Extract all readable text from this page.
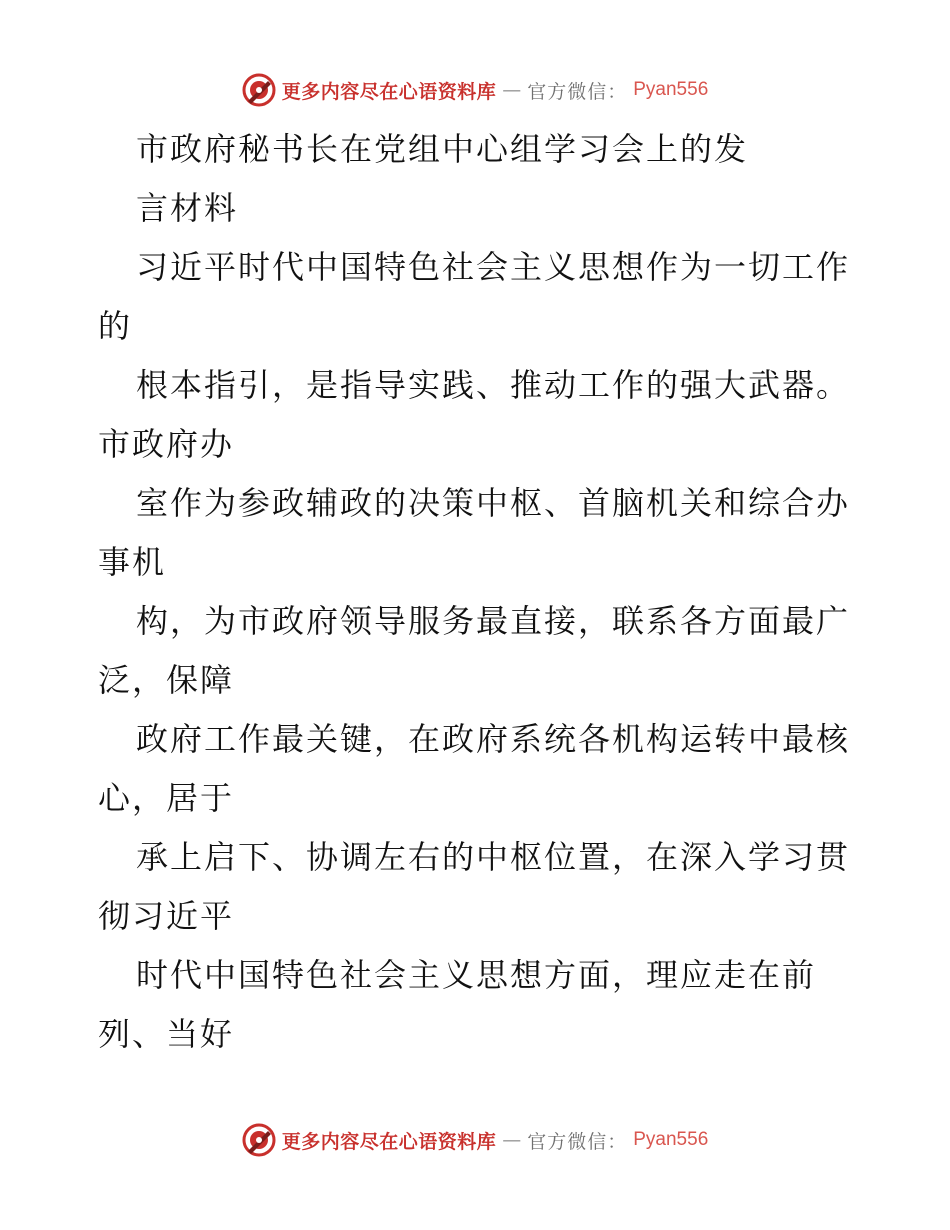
更多内容尽在心语资料库 — 官方微信： Pyan556
市政府秘书长在党组中心组学习会上的发
言材料
习近平时代中国特色社会主义思想作为一切工作
的
根本指引，是指导实践、推动工作的强大武器。
市政府办
室作为参政辅政的决策中枢、首脑机关和综合办
事机
构，为市政府领导服务最直接，联系各方面最广
泛，保障
政府工作最关键，在政府系统各机构运转中最核
心，居于
承上启下、协调左右的中枢位置，在深入学习贯
彻习近平
时代中国特色社会主义思想方面，理应走在前
列、当好
更多内容尽在心语资料库 — 官方微信： Pyan556
